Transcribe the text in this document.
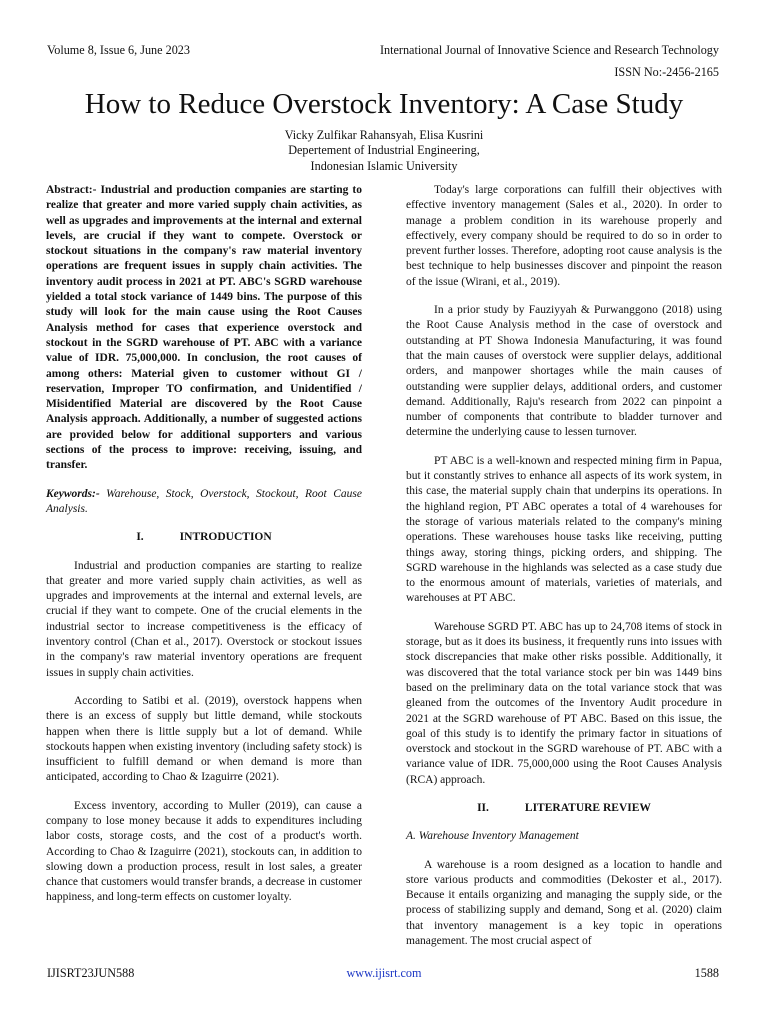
Volume 8, Issue 6, June 2023	International Journal of Innovative Science and Research Technology
ISSN No:-2456-2165
How to Reduce Overstock Inventory: A Case Study
Vicky Zulfikar Rahansyah, Elisa Kusrini
Depertement of Industrial Engineering,
Indonesian Islamic University

Abstract:- Industrial and production companies are starting to realize that greater and more varied supply chain activities, as well as upgrades and improvements at the internal and external levels, are crucial if they want to compete. Overstock or stockout situations in the company's raw material inventory operations are frequent issues in supply chain activities. The inventory audit process in 2021 at PT. ABC's SGRD warehouse yielded a total stock variance of 1449 bins. The purpose of this study will look for the main cause using the Root Causes Analysis method for cases that experience overstock and stockout in the SGRD warehouse of PT. ABC with a variance value of IDR. 75,000,000. In conclusion, the root causes of among others: Material given to customer without GI / reservation, Improper TO confirmation, and Unidentified / Misidentified Material are discovered by the Root Cause Analysis approach. Additionally, a number of suggested actions are provided below for additional supporters and various sections of the process to improve: receiving, issuing, and transfer.

Keywords:- Warehouse, Stock, Overstock, Stockout, Root Cause Analysis.

I.	INTRODUCTION

Industrial and production companies are starting to realize that greater and more varied supply chain activities, as well as upgrades and improvements at the internal and external levels, are crucial if they want to compete. One of the crucial elements in the industrial sector to increase competitiveness is the efficacy of inventory control (Chan et al., 2017). Overstock or stockout issues in the company's raw material inventory operations are frequent issues in supply chain activities.

According to Satibi et al. (2019), overstock happens when there is an excess of supply but little demand, while stockouts happen when there is little supply but a lot of demand. While stockouts happen when existing inventory (including safety stock) is insufficient to fulfill demand or when demand is more than anticipated, according to Chao & Izaguirre (2021).

Excess inventory, according to Muller (2019), can cause a company to lose money because it adds to expenditures including labor costs, storage costs, and the cost of a product's worth. According to Chao & Izaguirre (2021), stockouts can, in addition to slowing down a production process, result in lost sales, a greater chance that customers would transfer brands, a decrease in customer happiness, and long-term effects on customer loyalty.

Today's large corporations can fulfill their objectives with effective inventory management (Sales et al., 2020). In order to manage a problem condition in its warehouse properly and effectively, every company should be required to do so in order to prevent further losses. Therefore, adopting root cause analysis is the best technique to help businesses discover and pinpoint the reason of the issue (Wirani, et al., 2019).

In a prior study by Fauziyyah & Purwanggono (2018) using the Root Cause Analysis method in the case of overstock and outstanding at PT Showa Indonesia Manufacturing, it was found that the main causes of overstock were supplier delays, additional orders, and manpower shortages while the main causes of outstanding were supplier delays, additional orders, and customer demand. Additionally, Raju's research from 2022 can pinpoint a number of components that contribute to bladder turnover and determine the underlying cause to lessen turnover.

PT ABC is a well-known and respected mining firm in Papua, but it constantly strives to enhance all aspects of its work system, in this case, the material supply chain that underpins its operations. In the highland region, PT ABC operates a total of 4 warehouses for the storage of various materials related to the company's mining operations. These warehouses house tasks like receiving, putting things away, storing things, picking orders, and shipping. The SGRD warehouse in the highlands was selected as a case study due to the enormous amount of materials, varieties of materials, and warehouses at PT ABC.

Warehouse SGRD PT. ABC has up to 24,708 items of stock in storage, but as it does its business, it frequently runs into issues with stock discrepancies that make other risks possible. Additionally, it was discovered that the total variance stock per bin was 1449 bins based on the preliminary data on the total variance stock that was gleaned from the outcomes of the Inventory Audit procedure in 2021 at the SGRD warehouse of PT ABC. Based on this issue, the goal of this study is to identify the primary factor in situations of overstock and stockout in the SGRD warehouse of PT. ABC with a variance value of IDR. 75,000,000 using the Root Causes Analysis (RCA) approach.

II.	LITERATURE REVIEW

A. Warehouse Inventory Management

A warehouse is a room designed as a location to handle and store various products and commodities (Dekoster et al., 2017). Because it entails organizing and managing the supply side, or the process of stabilizing supply and demand, Song et al. (2020) claim that inventory management is a key topic in operations management. The most crucial aspect of

IJISRT23JUN588	www.ijisrt.com	1588
